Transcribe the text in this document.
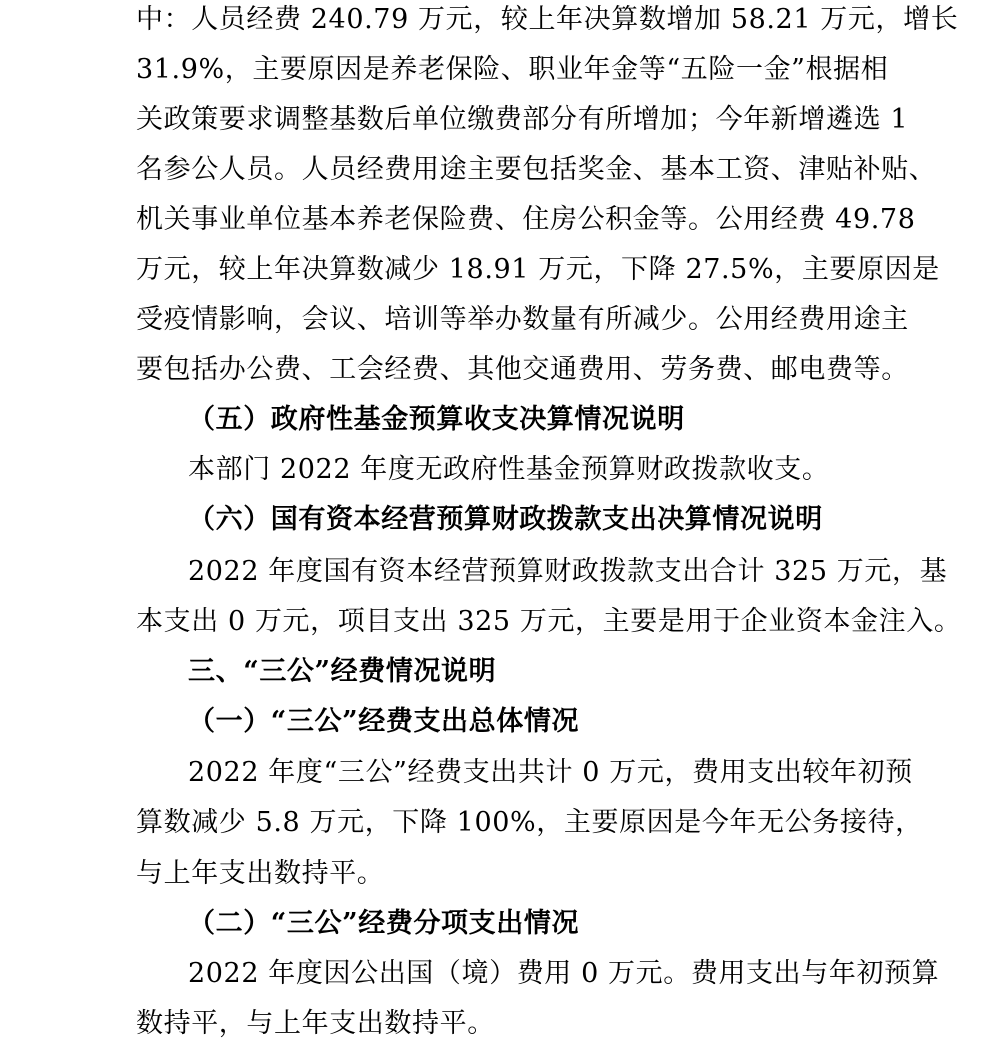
中：人员经费 240.79 万元，较上年决算数增加 58.21 万元，增长
31.9%，主要原因是养老保险、职业年金等“五险一金”根据相
关政策要求调整基数后单位缴费部分有所增加；今年新增遴选 1
名参公人员。人员经费用途主要包括奖金、基本工资、津贴补贴、
机关事业单位基本养老保险费、住房公积金等。公用经费 49.78
万元，较上年决算数减少 18.91 万元，下降 27.5%，主要原因是
受疫情影响，会议、培训等举办数量有所减少。公用经费用途主
要包括办公费、工会经费、其他交通费用、劳务费、邮电费等。
（五）政府性基金预算收支决算情况说明
本部门 2022 年度无政府性基金预算财政拨款收支。
（六）国有资本经营预算财政拨款支出决算情况说明
2022 年度国有资本经营预算财政拨款支出合计 325 万元，基
本支出 0 万元，项目支出 325 万元，主要是用于企业资本金注入。
三、“三公”经费情况说明
（一）“三公”经费支出总体情况
2022 年度“三公”经费支出共计 0 万元，费用支出较年初预
算数减少 5.8 万元，下降 100%，主要原因是今年无公务接待，
与上年支出数持平。
（二）“三公”经费分项支出情况
2022 年度因公出国（境）费用 0 万元。费用支出与年初预算
数持平，与上年支出数持平。
